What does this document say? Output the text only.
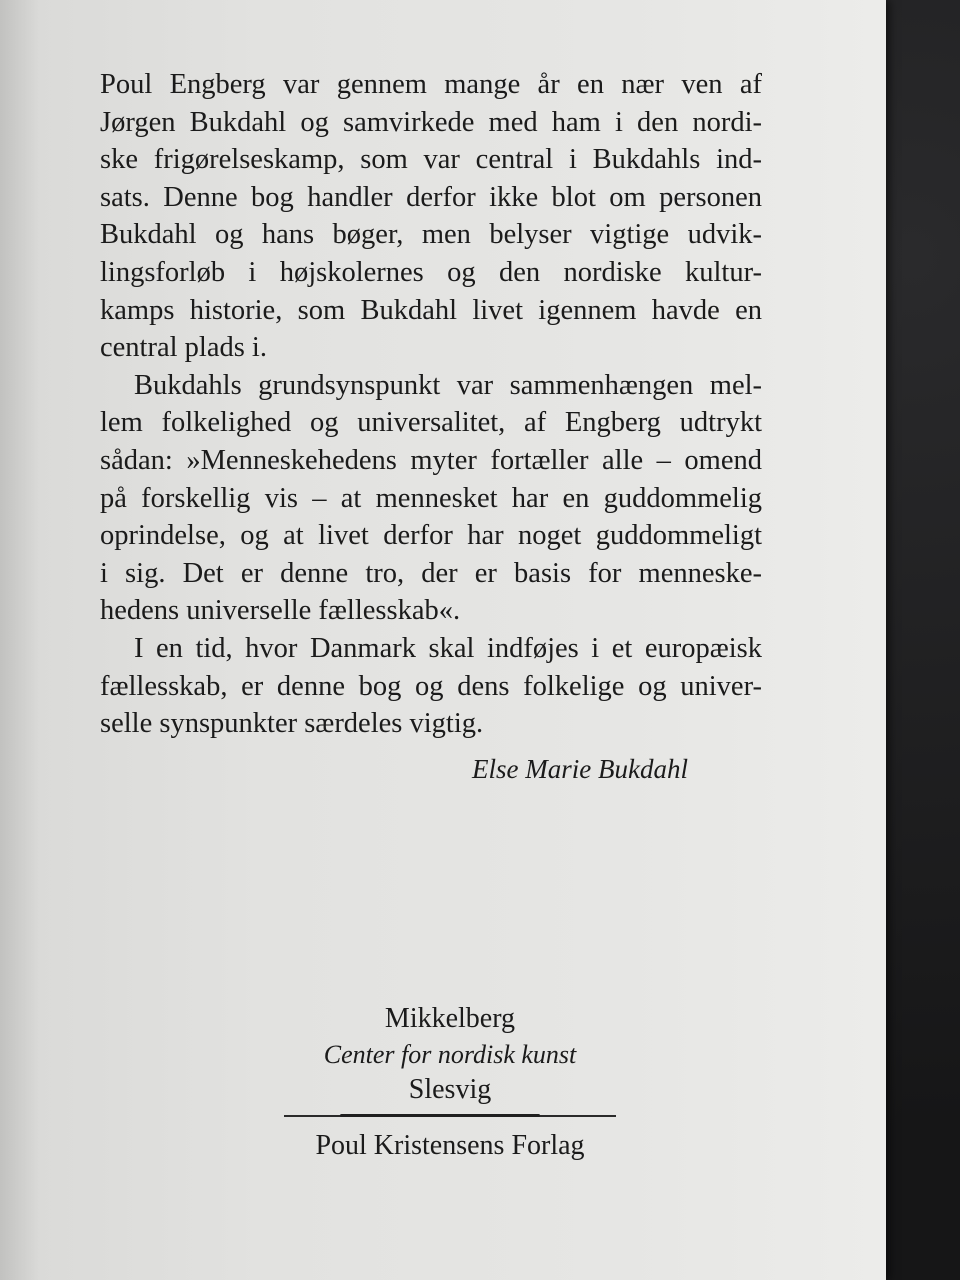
Poul Engberg var gennem mange år en nær ven af
Jørgen Bukdahl og samvirkede med ham i den nordi-
ske frigørelseskamp, som var central i Bukdahls ind-
sats. Denne bog handler derfor ikke blot om personen
Bukdahl og hans bøger, men belyser vigtige udvik-
lingsforløb i højskolernes og den nordiske kultur-
kamps historie, som Bukdahl livet igennem havde en
central plads i.
Bukdahls grundsynspunkt var sammenhængen mel-
lem folkelighed og universalitet, af Engberg udtrykt
sådan: »Menneskehedens myter fortæller alle – omend
på forskellig vis – at mennesket har en guddommelig
oprindelse, og at livet derfor har noget guddommeligt
i sig. Det er denne tro, der er basis for menneske-
hedens universelle fællesskab«.
I en tid, hvor Danmark skal indføjes i et europæisk
fællesskab, er denne bog og dens folkelige og univer-
selle synspunkter særdeles vigtig.
Else Marie Bukdahl
Mikkelberg
Center for nordisk kunst
Slesvig
Poul Kristensens Forlag
